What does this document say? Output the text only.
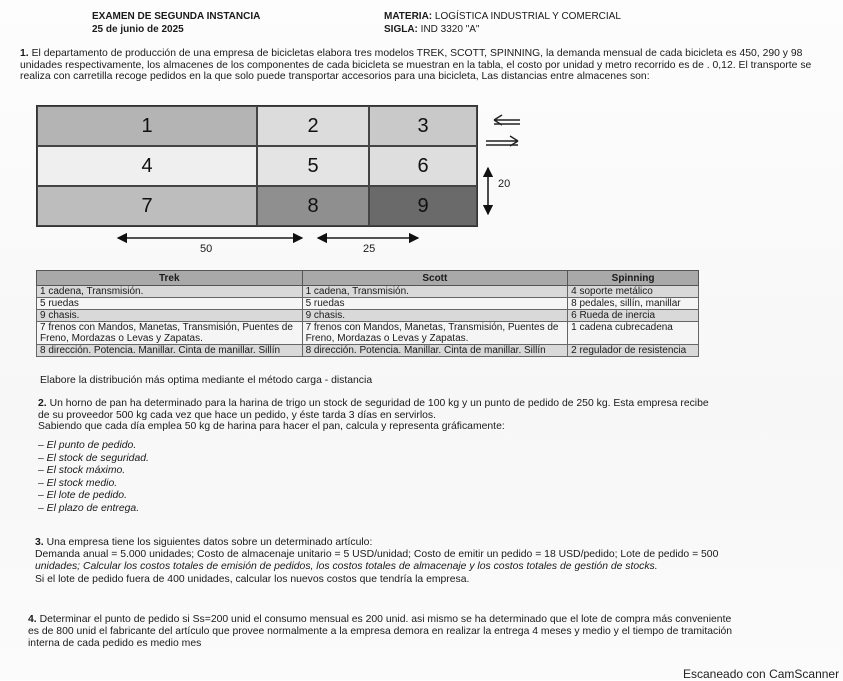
EXAMEN DE SEGUNDA INSTANCIA
25 de junio de 2025
MATERIA: LOGÍSTICA INDUSTRIAL Y COMERCIAL
SIGLA: IND 3320 "A"
1. El departamento de producción de una empresa de bicicletas elabora tres modelos TREK, SCOTT, SPINNING, la demanda mensual de cada bicicleta es 450, 290 y 98 unidades respectivamente, los almacenes de los componentes de cada bicicleta se muestran en la tabla, el costo por unidad y metro recorrido es de . 0,12. El transporte se realiza con carretilla recoge pedidos en la que solo puede transportar accesorios para una bicicleta, Las distancias entre almacenes son:
1	2	3
4	5	6
7	8	9
50	25
20
Trek	Scott	Spinning
1 cadena, Transmisión.	1 cadena, Transmisión.	4 soporte metálico
5 ruedas	5 ruedas	8 pedales, sillín, manillar
9 chasis.	9 chasis.	6 Rueda de inercia
7 frenos con Mandos, Manetas, Transmisión, Puentes de Freno, Mordazas o Levas y Zapatas.	7 frenos con Mandos, Manetas, Transmisión, Puentes de Freno, Mordazas o Levas y Zapatas.	1 cadena cubrecadena
8 dirección. Potencia. Manillar. Cinta de manillar. Sillín	8 dirección. Potencia. Manillar. Cinta de manillar. Sillín	2 regulador de resistencia
Elabore la distribución más optima mediante el método carga - distancia
2. Un horno de pan ha determinado para la harina de trigo un stock de seguridad de 100 kg y un punto de pedido de 250 kg. Esta empresa recibe de su proveedor 500 kg cada vez que hace un pedido, y éste tarda 3 días en servirlos.
Sabiendo que cada día emplea 50 kg de harina para hacer el pan, calcula y representa gráficamente:
– El punto de pedido.
– El stock de seguridad.
– El stock máximo.
– El stock medio.
– El lote de pedido.
– El plazo de entrega.
3. Una empresa tiene los siguientes datos sobre un determinado artículo:
Demanda anual = 5.000 unidades; Costo de almacenaje unitario = 5 USD/unidad; Costo de emitir un pedido = 18 USD/pedido; Lote de pedido = 500
unidades; Calcular los costos totales de emisión de pedidos, los costos totales de almacenaje y los costos totales de gestión de stocks.
Si el lote de pedido fuera de 400 unidades, calcular los nuevos costos que tendría la empresa.
4. Determinar el punto de pedido si Ss=200 unid el consumo mensual es 200 unid. asi mismo se ha determinado que el lote de compra más conveniente es de 800 unid el fabricante del artículo que provee normalmente a la empresa demora en realizar la entrega 4 meses y medio y el tiempo de tramitación interna de cada pedido es medio mes
Escaneado con CamScanner
